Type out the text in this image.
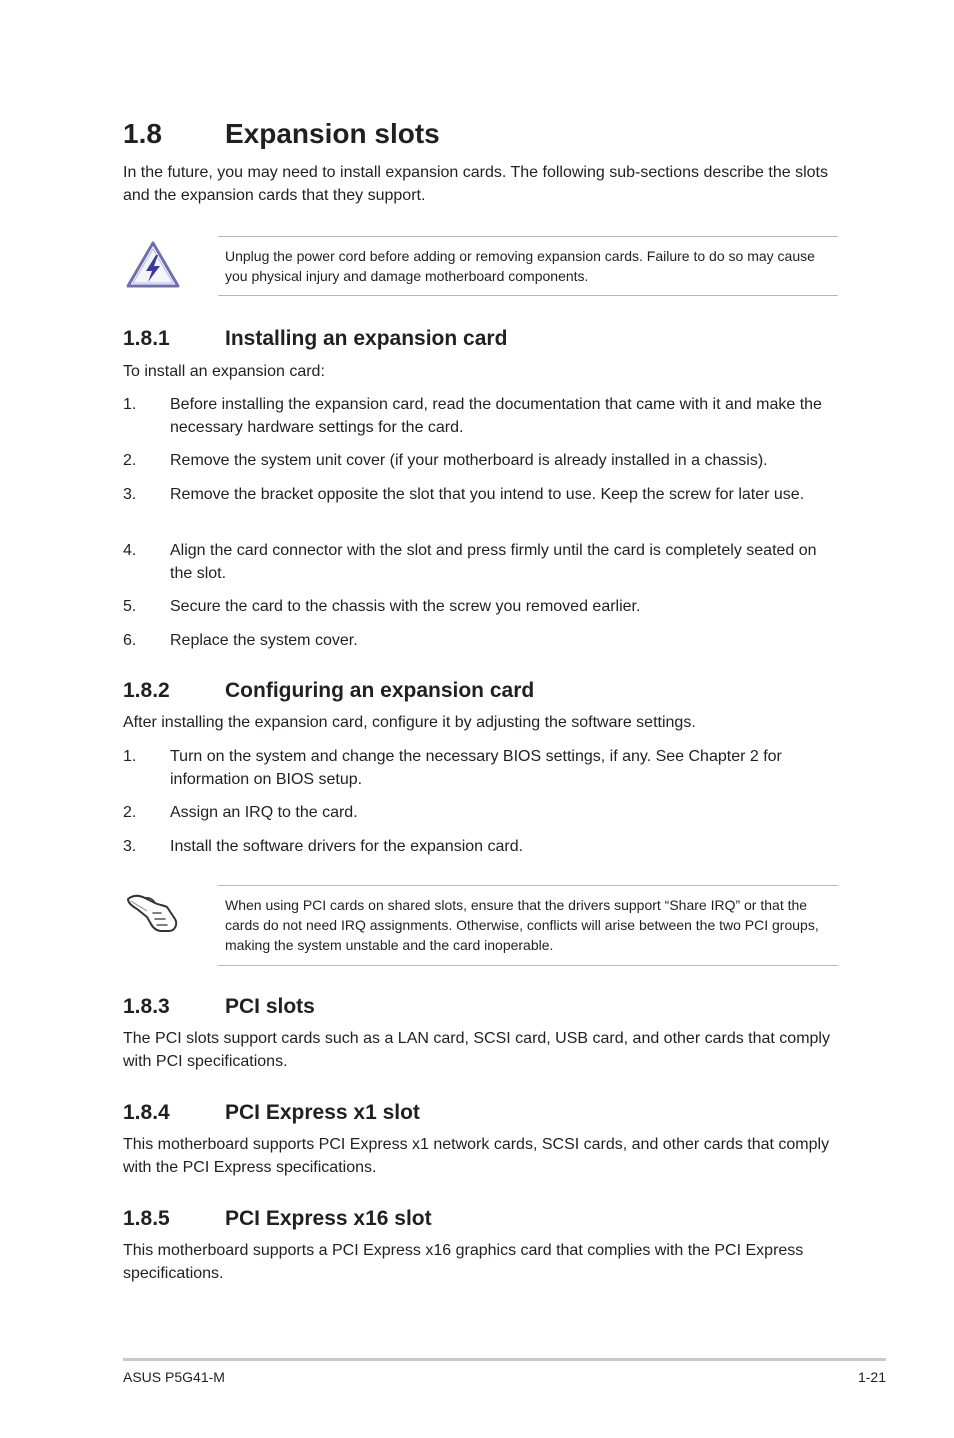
1.8 Expansion slots
In the future, you may need to install expansion cards. The following sub-sections describe the slots and the expansion cards that they support.
Unplug the power cord before adding or removing expansion cards. Failure to do so may cause you physical injury and damage motherboard components.
1.8.1	Installing an expansion card
To install an expansion card:
1. Before installing the expansion card, read the documentation that came with it and make the necessary hardware settings for the card.
2. Remove the system unit cover (if your motherboard is already installed in a chassis).
3. Remove the bracket opposite the slot that you intend to use. Keep the screw for later use.
4. Align the card connector with the slot and press firmly until the card is completely seated on the slot.
5. Secure the card to the chassis with the screw you removed earlier.
6. Replace the system cover.
1.8.2	Configuring an expansion card
After installing the expansion card, configure it by adjusting the software settings.
1. Turn on the system and change the necessary BIOS settings, if any. See Chapter 2 for information on BIOS setup.
2. Assign an IRQ to the card.
3. Install the software drivers for the expansion card.
When using PCI cards on shared slots, ensure that the drivers support “Share IRQ” or that the cards do not need IRQ assignments. Otherwise, conflicts will arise between the two PCI groups, making the system unstable and the card inoperable.
1.8.3	PCI slots
The PCI slots support cards such as a LAN card, SCSI card, USB card, and other cards that comply with PCI specifications.
1.8.4	PCI Express x1 slot
This motherboard supports PCI Express x1 network cards, SCSI cards, and other cards that comply with the PCI Express specifications.
1.8.5	PCI Express x16 slot
This motherboard supports a PCI Express x16 graphics card that complies with the PCI Express specifications.
ASUS P5G41-M	1-21
